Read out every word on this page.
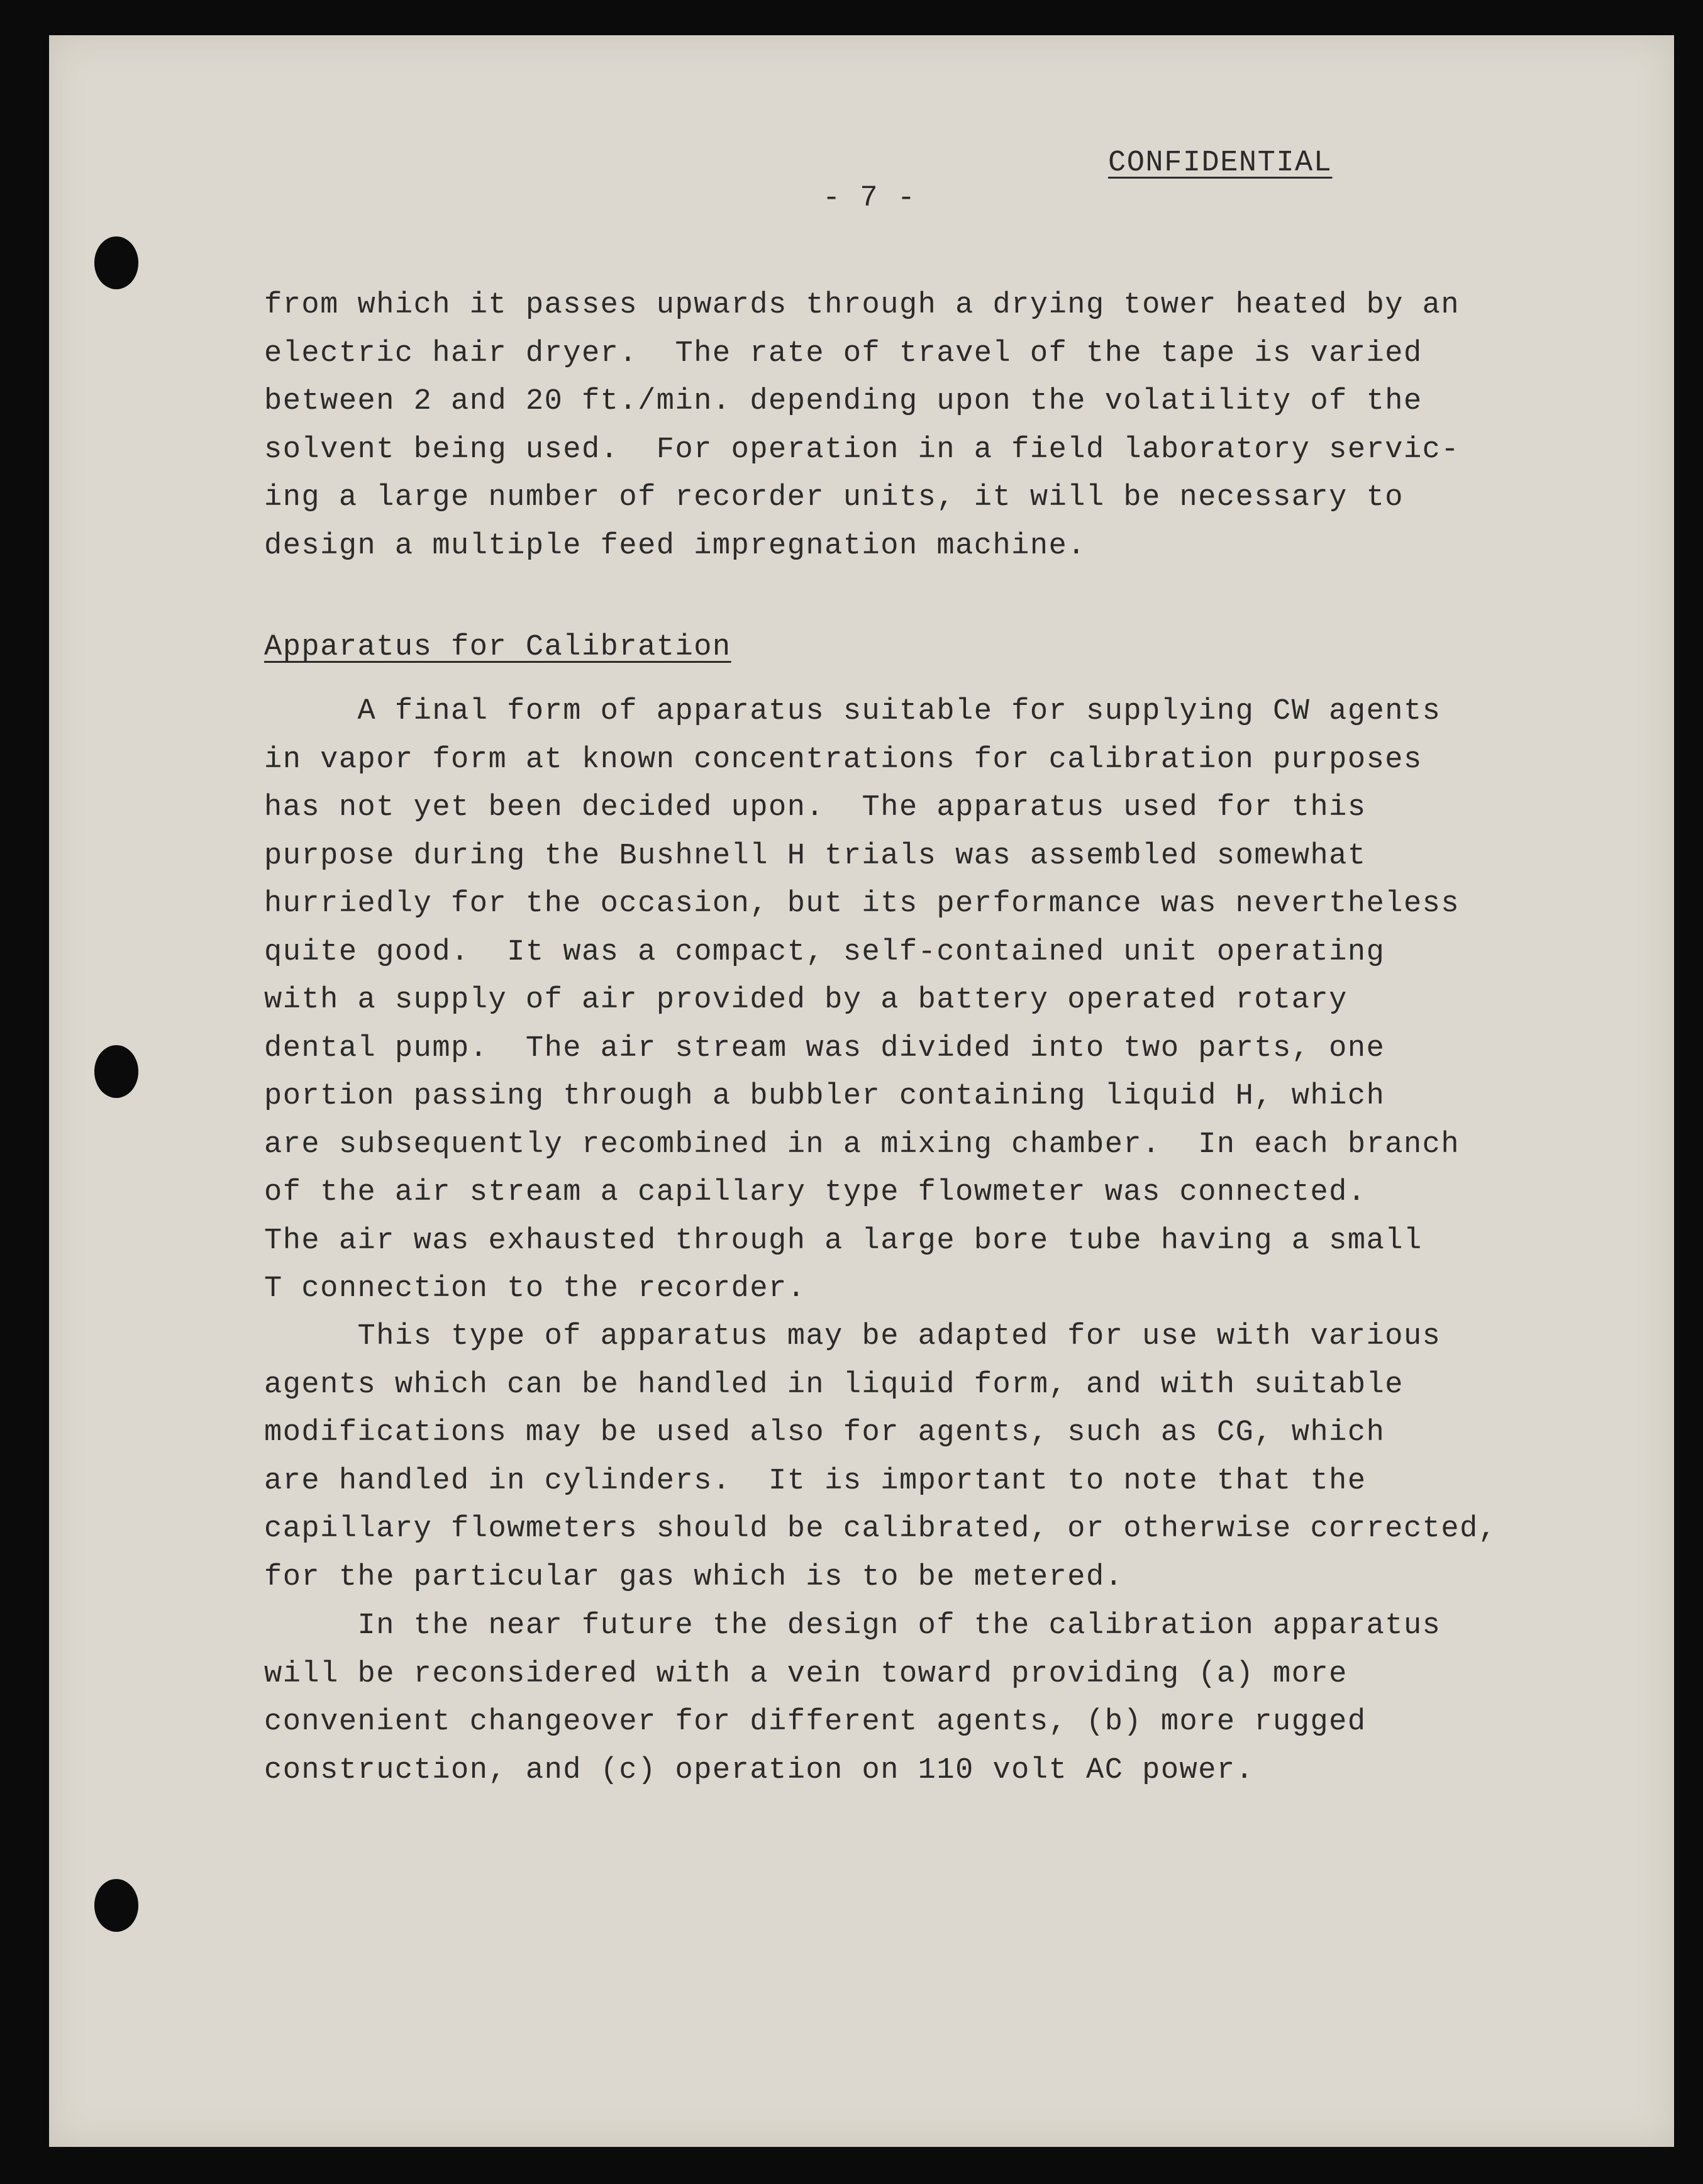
CONFIDENTIAL
- 7 -
from which it passes upwards through a drying tower heated by an
electric hair dryer.  The rate of travel of the tape is varied
between 2 and 20 ft./min. depending upon the volatility of the
solvent being used.  For operation in a field laboratory servic-
ing a large number of recorder units, it will be necessary to
design a multiple feed impregnation machine.
Apparatus for Calibration
A final form of apparatus suitable for supplying CW agents
in vapor form at known concentrations for calibration purposes
has not yet been decided upon.  The apparatus used for this
purpose during the Bushnell H trials was assembled somewhat
hurriedly for the occasion, but its performance was nevertheless
quite good.  It was a compact, self-contained unit operating
with a supply of air provided by a battery operated rotary
dental pump.  The air stream was divided into two parts, one
portion passing through a bubbler containing liquid H, which
are subsequently recombined in a mixing chamber.  In each branch
of the air stream a capillary type flowmeter was connected.
The air was exhausted through a large bore tube having a small
T connection to the recorder.
This type of apparatus may be adapted for use with various
agents which can be handled in liquid form, and with suitable
modifications may be used also for agents, such as CG, which
are handled in cylinders.  It is important to note that the
capillary flowmeters should be calibrated, or otherwise corrected,
for the particular gas which is to be metered.
In the near future the design of the calibration apparatus
will be reconsidered with a vein toward providing (a) more
convenient changeover for different agents, (b) more rugged
construction, and (c) operation on 110 volt AC power.
